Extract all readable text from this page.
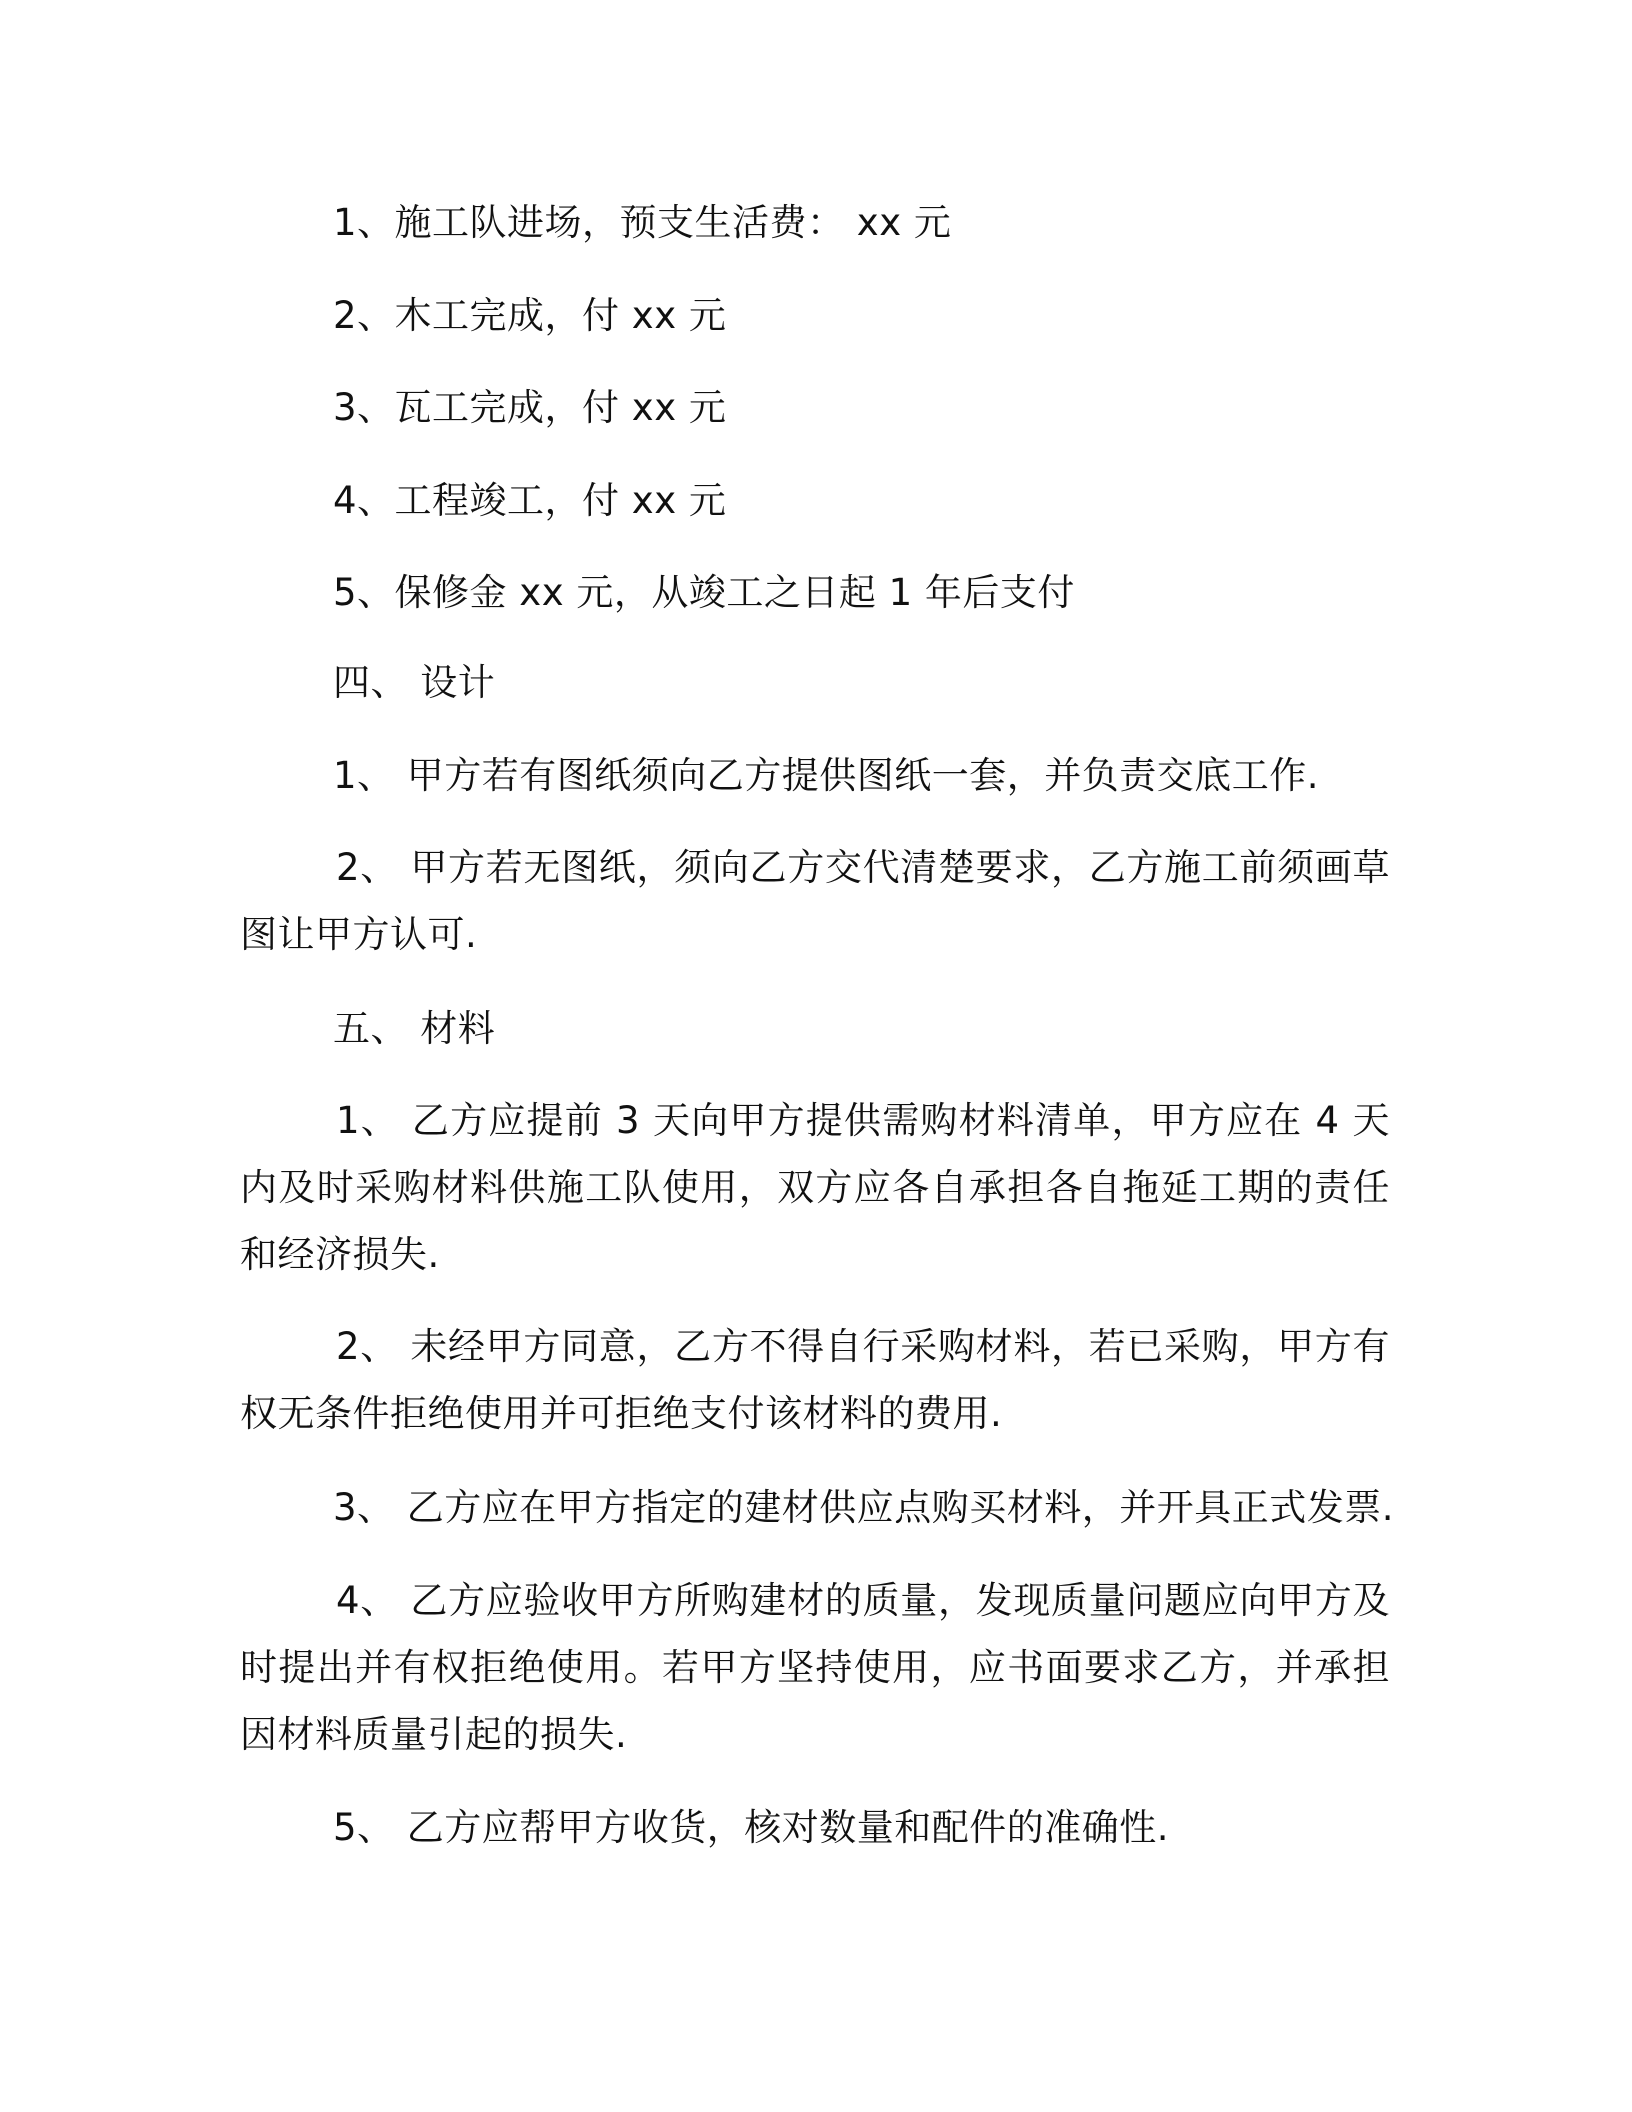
1、施工队进场，预支生活费： xx 元
2、木工完成，付 xx 元
3、瓦工完成，付 xx 元
4、工程竣工，付 xx 元
5、保修金 xx 元，从竣工之日起 1 年后支付
四、 设计
1、 甲方若有图纸须向乙方提供图纸一套，并负责交底工作.
2、 甲方若无图纸，须向乙方交代清楚要求，乙方施工前须画草图让甲方认可.
五、 材料
1、 乙方应提前 3 天向甲方提供需购材料清单，甲方应在 4 天内及时采购材料供施工队使用，双方应各自承担各自拖延工期的责任和经济损失.
2、 未经甲方同意，乙方不得自行采购材料，若已采购，甲方有权无条件拒绝使用并可拒绝支付该材料的费用.
3、 乙方应在甲方指定的建材供应点购买材料，并开具正式发票.
4、 乙方应验收甲方所购建材的质量，发现质量问题应向甲方及时提出并有权拒绝使用。若甲方坚持使用，应书面要求乙方，并承担因材料质量引起的损失.
5、 乙方应帮甲方收货，核对数量和配件的准确性.
